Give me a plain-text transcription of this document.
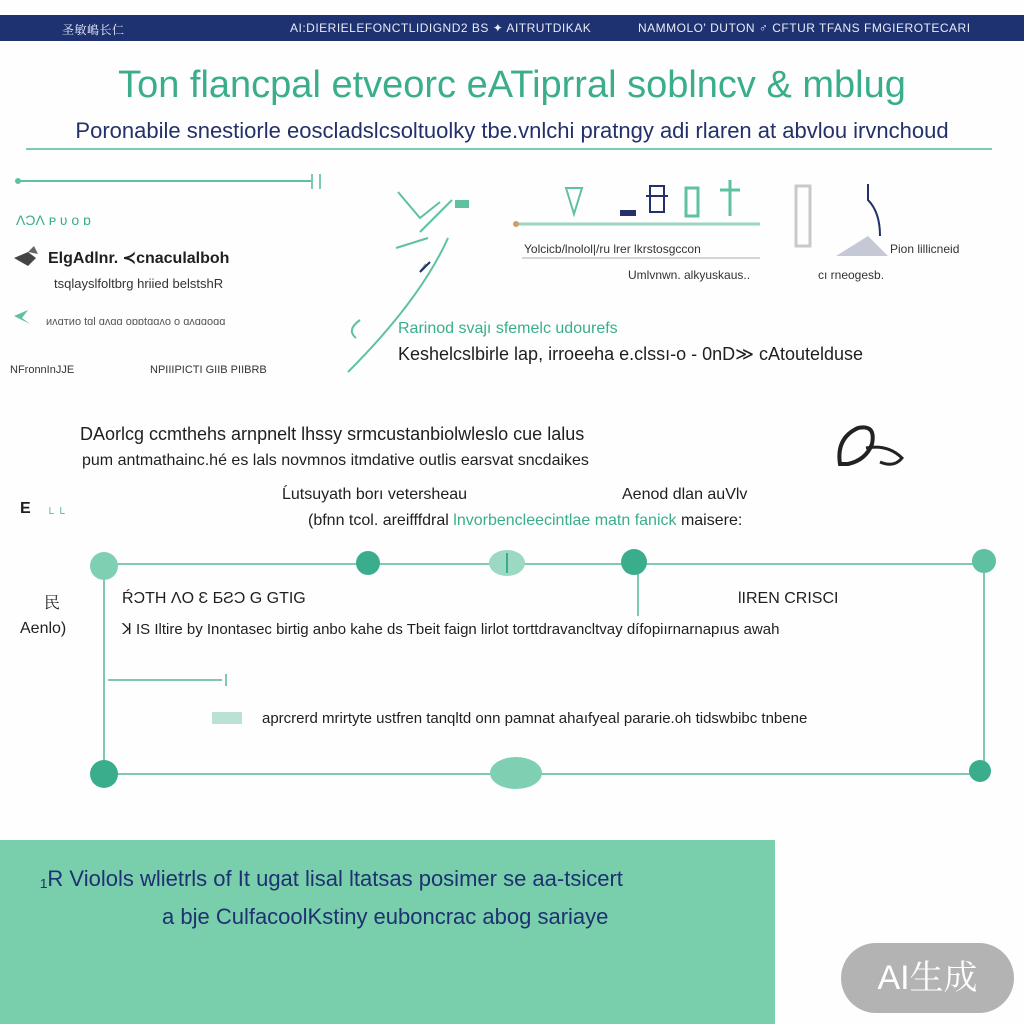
圣敏嶋长仁	AI:DIERIELEFONCTLIDIGND2 BS ✦ AITRUTDIKAK	NAMMOLO' DUTON ♂ CFTUR TFANS FMGIEROTECARI
Ton flancpal etveorc eATiprral soblncv & mblug
Poronabile snestiorle eoscladslcsoltuolky tbe.vnlchi pratngy adi rlaren at abvlou irvnchoud
ɅƆɅ ᴘ ʋ ᴏ ɒ
ElgAdlnr. ≺cnaculalboh
tsqlayslfoltbrg hriied belstshR
ᴎᴧɑᴛᴎᴏ tɑl ɑᴧɑɑ ᴏɒɒtɑɑᴧᴏ ᴏ ɑᴧɑɑᴏɑɑ
NFronnInJJE	NΡIIIPICTI GIIB PIIBRB
Yolcicb/lnolol|/ru lrer lkrstosgccon
Umlvnwn. alkyuskaus..
Pion lillicneid
cı rneogesb.
Rarinod svajı sfemelc udourefs
Keshelcslbirle lap, irroeeha e.clssı-o - 0nD≫ cAtoutelduse
DAorlcg ccmthehs arnpnelt lhssy srmcustanbiolwleslo cue lalus
pum antmathainc.hé es lals novmnos itmdative outlis earsvat sncdaikes
E └ └
Ĺutsuyath borı vetersheau	Aenod dlan auVlv
(bfnn tcol. areifffdral lnvorbencleecintlae matn fanick maisere:
民
Aenlo)
ŔƆTH ɅO Ɛ ƂƧƆ G GTIG	ƖIREN CRISCI
ꓘ IS Iltire by Inontasec birtig anbo kahe ds Tbeit faign lirlot torttdravancltvay dífopiırnarnapıus awah
aprcrerd mrirtyte ustfren tanqltd onn pamnat ahaıfyeal pararie.oh tidswbibc tnbene
₁R Violols wlietrls of It ugat lisal ltatsas posimer se aa-tsicert
a bje CulfacoolKstiny euboncrac abog sariaye
AI生成
